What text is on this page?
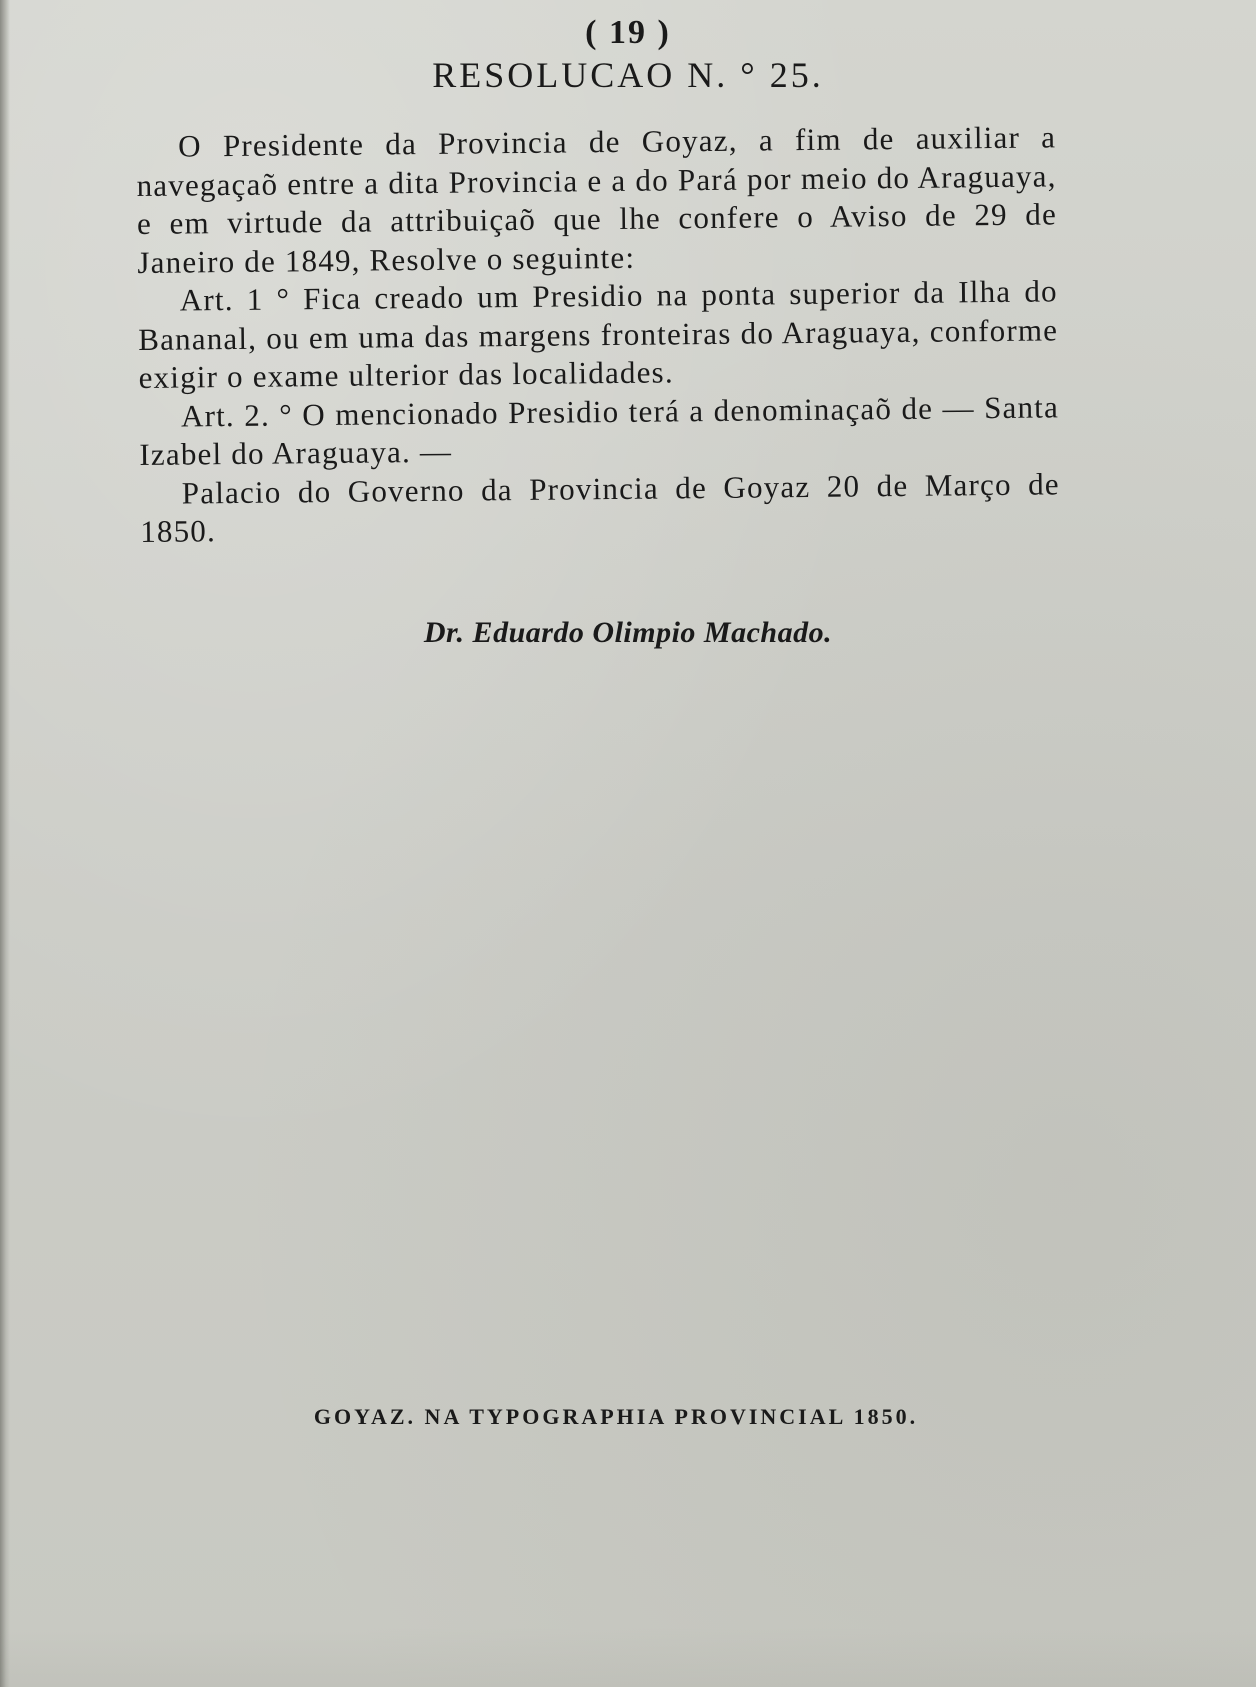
( 19 )
RESOLUCAO N. ° 25.

O Presidente da Provincia de Goyaz, a fim de auxiliar a navegaçaõ entre a dita Provincia e a do Pará por meio do Araguaya, e em virtude da attribuiçaõ que lhe confere o Aviso de 29 de Janeiro de 1849, Resolve o seguinte:

Art. 1 ° Fica creado um Presidio na ponta superior da Ilha do Bananal, ou em uma das margens fronteiras do Araguaya, conforme exigir o exame ulterior das localidades.

Art. 2. ° O mencionado Presidio terá a denominaçaõ de — Santa Izabel do Araguaya. —

Palacio do Governo da Provincia de Goyaz 20 de Março de 1850.

Dr. Eduardo Olimpio Machado.
GOYAZ. NA TYPOGRAPHIA PROVINCIAL 1850.
